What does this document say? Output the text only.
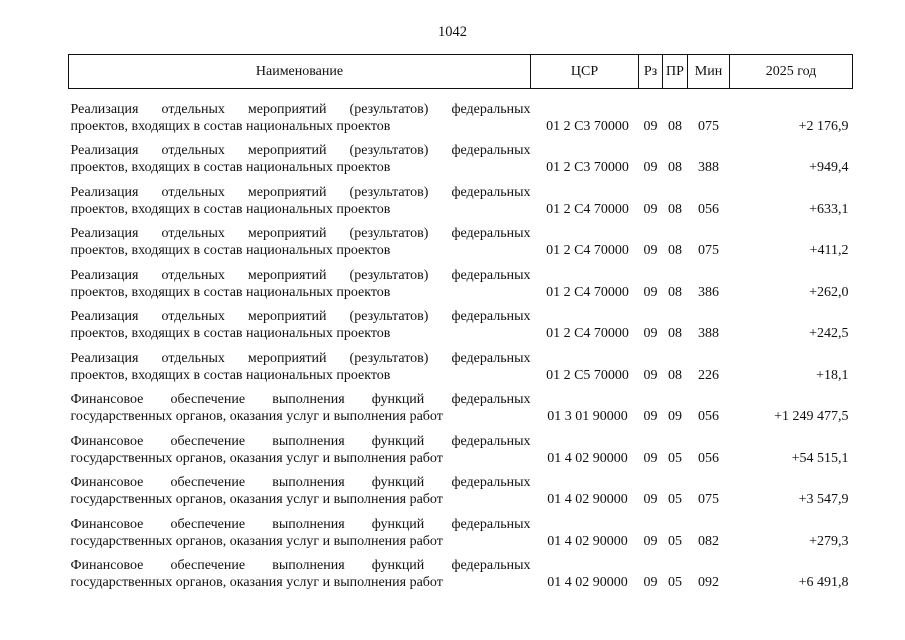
1042
Наименование	ЦСР	Рз	ПР	Мин	2025 год

Реализация отдельных мероприятий (результатов) федеральных
проектов, входящих в состав национальных проектов	01 2 С3 70000	09	08	075	+2 176,9

Реализация отдельных мероприятий (результатов) федеральных
проектов, входящих в состав национальных проектов	01 2 С3 70000	09	08	388	+949,4

Реализация отдельных мероприятий (результатов) федеральных
проектов, входящих в состав национальных проектов	01 2 С4 70000	09	08	056	+633,1

Реализация отдельных мероприятий (результатов) федеральных
проектов, входящих в состав национальных проектов	01 2 С4 70000	09	08	075	+411,2

Реализация отдельных мероприятий (результатов) федеральных
проектов, входящих в состав национальных проектов	01 2 С4 70000	09	08	386	+262,0

Реализация отдельных мероприятий (результатов) федеральных
проектов, входящих в состав национальных проектов	01 2 С4 70000	09	08	388	+242,5

Реализация отдельных мероприятий (результатов) федеральных
проектов, входящих в состав национальных проектов	01 2 С5 70000	09	08	226	+18,1

Финансовое обеспечение выполнения функций федеральных
государственных органов, оказания услуг и выполнения работ	01 3 01 90000	09	09	056	+1 249 477,5

Финансовое обеспечение выполнения функций федеральных
государственных органов, оказания услуг и выполнения работ	01 4 02 90000	09	05	056	+54 515,1

Финансовое обеспечение выполнения функций федеральных
государственных органов, оказания услуг и выполнения работ	01 4 02 90000	09	05	075	+3 547,9

Финансовое обеспечение выполнения функций федеральных
государственных органов, оказания услуг и выполнения работ	01 4 02 90000	09	05	082	+279,3

Финансовое обеспечение выполнения функций федеральных
государственных органов, оказания услуг и выполнения работ	01 4 02 90000	09	05	092	+6 491,8
